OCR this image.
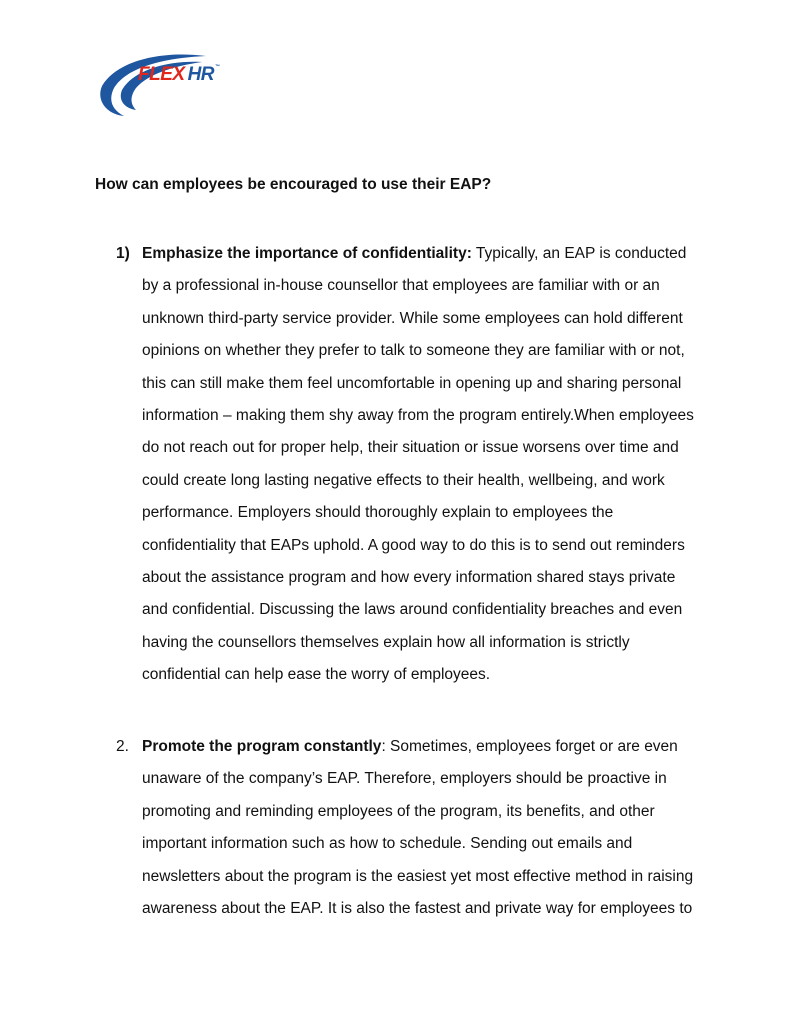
FLEX HR™
How can employees be encouraged to use their EAP?
1) Emphasize the importance of confidentiality: Typically, an EAP is conducted
by a professional in-house counsellor that employees are familiar with or an
unknown third-party service provider. While some employees can hold different
opinions on whether they prefer to talk to someone they are familiar with or not,
this can still make them feel uncomfortable in opening up and sharing personal
information – making them shy away from the program entirely.When employees
do not reach out for proper help, their situation or issue worsens over time and
could create long lasting negative effects to their health, wellbeing, and work
performance. Employers should thoroughly explain to employees the
confidentiality that EAPs uphold. A good way to do this is to send out reminders
about the assistance program and how every information shared stays private
and confidential. Discussing the laws around confidentiality breaches and even
having the counsellors themselves explain how all information is strictly
confidential can help ease the worry of employees.
2. Promote the program constantly: Sometimes, employees forget or are even
unaware of the company’s EAP. Therefore, employers should be proactive in
promoting and reminding employees of the program, its benefits, and other
important information such as how to schedule. Sending out emails and
newsletters about the program is the easiest yet most effective method in raising
awareness about the EAP. It is also the fastest and private way for employees to
